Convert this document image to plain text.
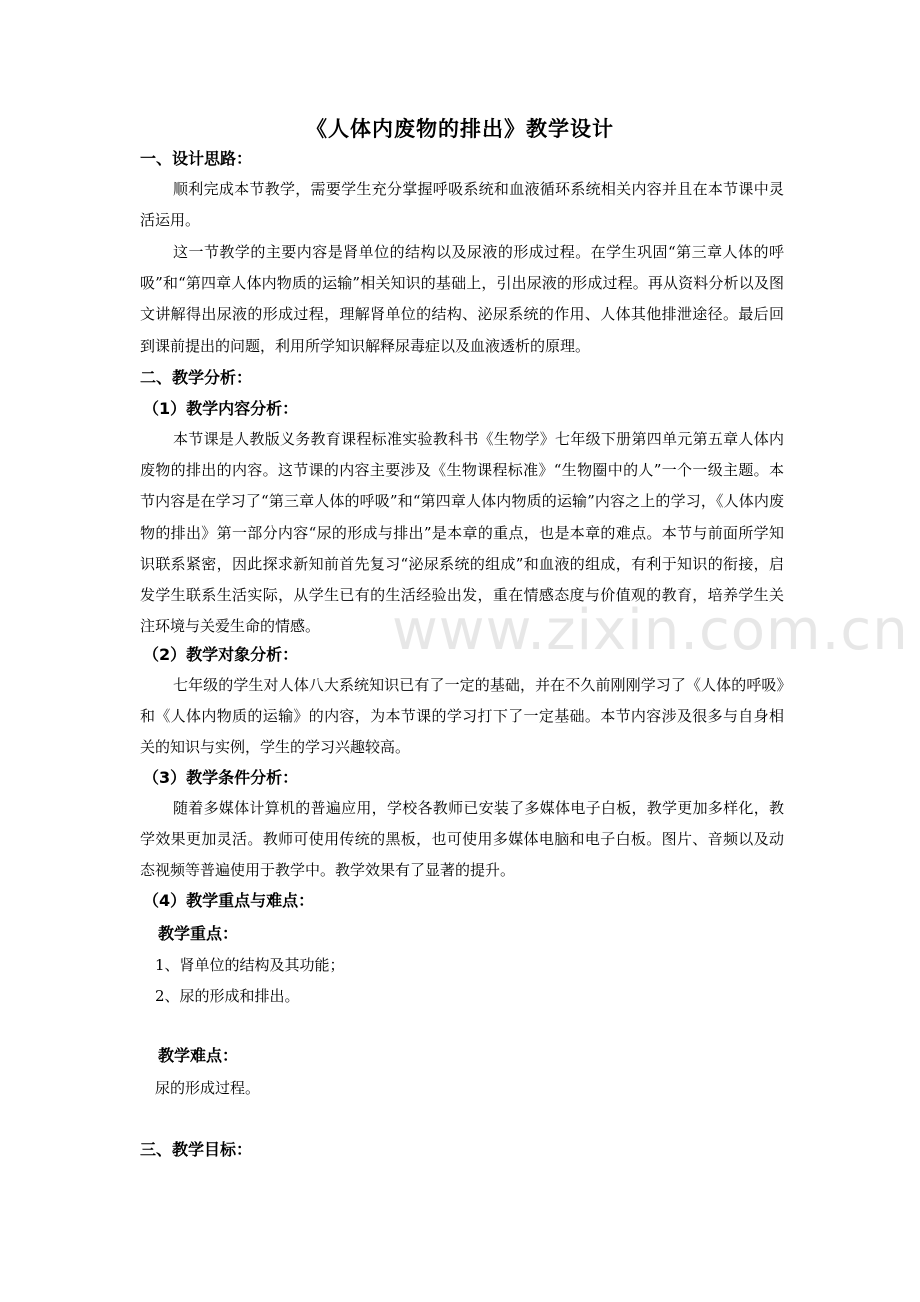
《人体内废物的排出》教学设计
一、设计思路：
顺利完成本节教学，需要学生充分掌握呼吸系统和血液循环系统相关内容并且在本节课中灵活运用。
这一节教学的主要内容是肾单位的结构以及尿液的形成过程。在学生巩固“第三章人体的呼吸”和“第四章人体内物质的运输”相关知识的基础上，引出尿液的形成过程。再从资料分析以及图文讲解得出尿液的形成过程，理解肾单位的结构、泌尿系统的作用、人体其他排泄途径。最后回到课前提出的问题，利用所学知识解释尿毒症以及血液透析的原理。
二、教学分析：
（1）教学内容分析：
本节课是人教版义务教育课程标准实验教科书《生物学》七年级下册第四单元第五章人体内废物的排出的内容。这节课的内容主要涉及《生物课程标准》“生物圈中的人”一个一级主题。本节内容是在学习了“第三章人体的呼吸”和“第四章人体内物质的运输”内容之上的学习，《人体内废物的排出》第一部分内容“尿的形成与排出”是本章的重点，也是本章的难点。本节与前面所学知识联系紧密，因此探求新知前首先复习“泌尿系统的组成”和血液的组成，有利于知识的衔接，启发学生联系生活实际，从学生已有的生活经验出发，重在情感态度与价值观的教育，培养学生关注环境与关爱生命的情感。
（2）教学对象分析：
七年级的学生对人体八大系统知识已有了一定的基础，并在不久前刚刚学习了《人体的呼吸》和《人体内物质的运输》的内容，为本节课的学习打下了一定基础。本节内容涉及很多与自身相关的知识与实例，学生的学习兴趣较高。
（3）教学条件分析：
随着多媒体计算机的普遍应用，学校各教师已安装了多媒体电子白板，教学更加多样化，教学效果更加灵活。教师可使用传统的黑板，也可使用多媒体电脑和电子白板。图片、音频以及动态视频等普遍使用于教学中。教学效果有了显著的提升。
（4）教学重点与难点：
教学重点：
1、肾单位的结构及其功能；
2、尿的形成和排出。
教学难点：
尿的形成过程。
三、教学目标：
www.zixin.com.cn
